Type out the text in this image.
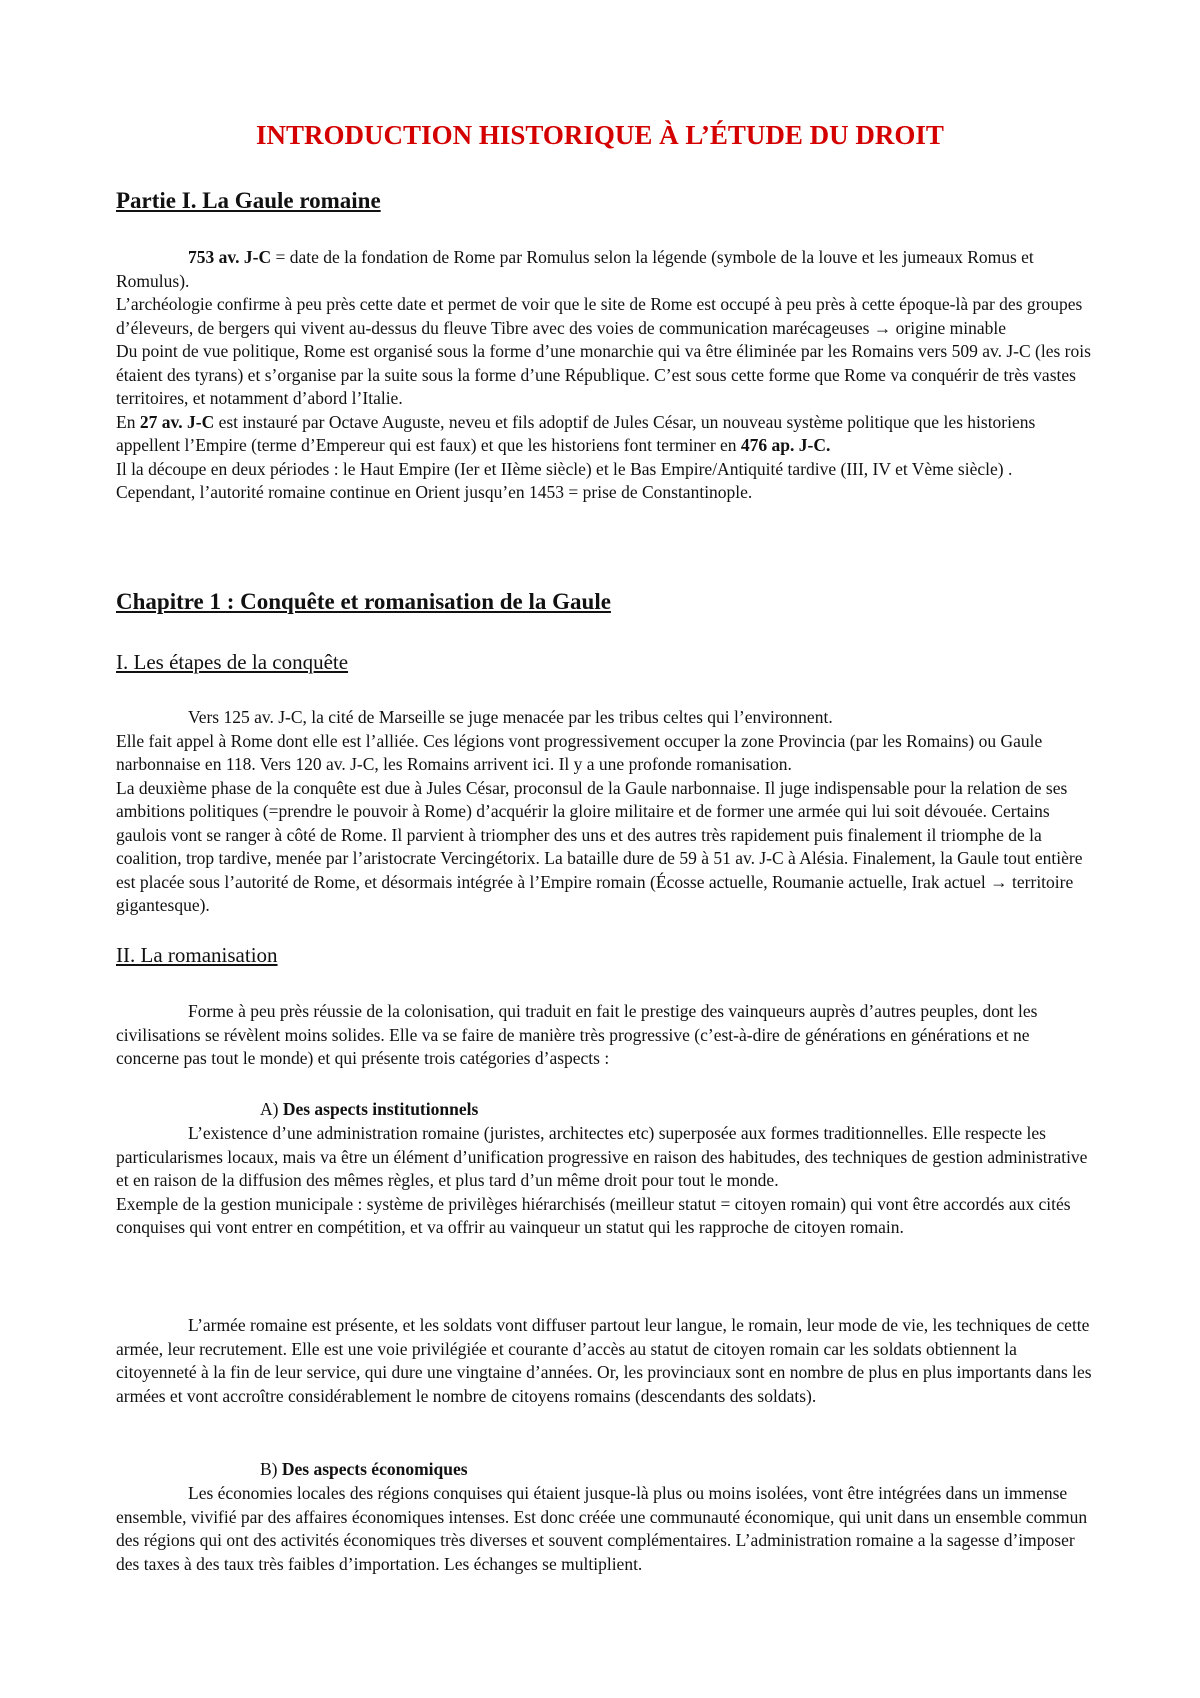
INTRODUCTION HISTORIQUE À L’ÉTUDE DU DROIT
Partie I. La Gaule romaine

753 av. J-C = date de la fondation de Rome par Romulus selon la légende (symbole de la louve et les jumeaux Romus et Romulus).

L’archéologie confirme à peu près cette date et permet de voir que le site de Rome est occupé à peu près à cette époque-là par des groupes d’éleveurs, de bergers qui vivent au-dessus du fleuve Tibre avec des voies de communication marécageuses → origine minable

Du point de vue politique, Rome est organisé sous la forme d’une monarchie qui va être éliminée par les Romains vers 509 av. J-C (les rois étaient des tyrans) et s’organise par la suite sous la forme d’une République. C’est sous cette forme que Rome va conquérir de très vastes territoires, et notamment d’abord l’Italie.

En 27 av. J-C est instauré par Octave Auguste, neveu et fils adoptif de Jules César, un nouveau système politique que les historiens appellent l’Empire (terme d’Empereur qui est faux) et que les historiens font terminer en 476 ap. J-C.

Il la découpe en deux périodes : le Haut Empire (Ier et IIème siècle) et le Bas Empire/Antiquité tardive (III, IV et Vème siècle) .

Cependant, l’autorité romaine continue en Orient jusqu’en 1453 = prise de Constantinople.

Chapitre 1 : Conquête et romanisation de la Gaule
I. Les étapes de la conquête

Vers 125 av. J-C, la cité de Marseille se juge menacée par les tribus celtes qui l’environnent.

Elle fait appel à Rome dont elle est l’alliée. Ces légions vont progressivement occuper la zone Provincia (par les Romains) ou Gaule narbonnaise en 118. Vers 120 av. J-C, les Romains arrivent ici. Il y a une profonde romanisation.

La deuxième phase de la conquête est due à Jules César, proconsul de la Gaule narbonnaise. Il juge indispensable pour la relation de ses ambitions politiques (=prendre le pouvoir à Rome) d’acquérir la gloire militaire et de former une armée qui lui soit dévouée. Certains gaulois vont se ranger à côté de Rome. Il parvient à triompher des uns et des autres très rapidement puis finalement il triomphe de la coalition, trop tardive, menée par l’aristocrate Vercingétorix. La bataille dure de 59 à 51 av. J-C à Alésia. Finalement, la Gaule tout entière est placée sous l’autorité de Rome, et désormais intégrée à l’Empire romain (Écosse actuelle, Roumanie actuelle, Irak actuel → territoire gigantesque).

II. La romanisation

Forme à peu près réussie de la colonisation, qui traduit en fait le prestige des vainqueurs auprès d’autres peuples, dont les civilisations se révèlent moins solides. Elle va se faire de manière très progressive (c’est-à-dire de générations en générations et ne concerne pas tout le monde) et qui présente trois catégories d’aspects :

A) Des aspects institutionnels

L’existence d’une administration romaine (juristes, architectes etc) superposée aux formes traditionnelles. Elle respecte les particularismes locaux, mais va être un élément d’unification progressive en raison des habitudes, des techniques de gestion administrative et en raison de la diffusion des mêmes règles, et plus tard d’un même droit pour tout le monde.

Exemple de la gestion municipale : système de privilèges hiérarchisés (meilleur statut = citoyen romain) qui vont être accordés aux cités conquises qui vont entrer en compétition, et va offrir au vainqueur un statut qui les rapproche de citoyen romain.

L’armée romaine est présente, et les soldats vont diffuser partout leur langue, le romain, leur mode de vie, les techniques de cette armée, leur recrutement. Elle est une voie privilégiée et courante d’accès au statut de citoyen romain car les soldats obtiennent la citoyenneté à la fin de leur service, qui dure une vingtaine d’années. Or, les provinciaux sont en nombre de plus en plus importants dans les armées et vont accroître considérablement le nombre de citoyens romains (descendants des soldats).

B) Des aspects économiques

Les économies locales des régions conquises qui étaient jusque-là plus ou moins isolées, vont être intégrées dans un immense ensemble, vivifié par des affaires économiques intenses. Est donc créée une communauté économique, qui unit dans un ensemble commun des régions qui ont des activités économiques très diverses et souvent complémentaires. L’administration romaine a la sagesse d’imposer des taxes à des taux très faibles d’importation. Les échanges se multiplient.
